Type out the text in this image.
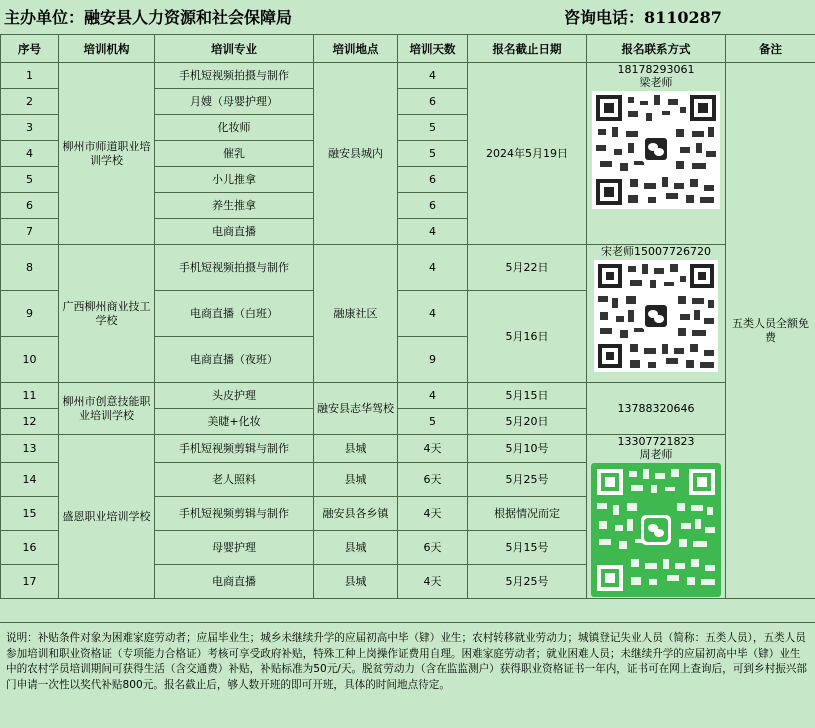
主办单位：融安县人力资源和社会保障局	咨询电话：8110287
序号	培训机构	培训专业	培训地点	培训天数	报名截止日期	报名联系方式	备注
1	柳州市师道职业培训学校	手机短视频拍摄与制作	融安县城内	4	2024年5月19日	18178293061
梁老师	五类人员全额免费
2		月嫂（母婴护理）		6			
3		化妆师		5			
4		催乳		5			
5		小儿推拿		6			
6		养生推拿		6			
7		电商直播		4			
8	广西柳州商业技工学校	手机短视频拍摄与制作	融康社区	4	5月22日	宋老师15007726720	

9		电商直播（白班）		4	5月16日		
10		电商直播（夜班）		9			
11	柳州市创意技能职业培训学校	头皮护理	融安县志华驾校	4	5月15日	13788320646	
12		美睫+化妆		5	5月20日		
13	盛恩职业培训学校	手机短视频剪辑与制作	县城	4天	5月10号	13307721823
周老师	

14		老人照料	县城	6天	5月25号		
15		手机短视频剪辑与制作	融安县各乡镇	4天	根据情况而定		
16		母婴护理	县城	6天	5月15号		
17		电商直播	县城	4天	5月25号		
说明：补贴条件对象为困难家庭劳动者；应届毕业生；城乡未继续升学的应届初高中毕（肄）业生；农村转移就业劳动力；城镇登记失业人员（简称：五类人员），五类人员参加培训和职业资格证（专项能力合格证）考核可享受政府补贴，特殊工种上岗操作证费用自理。困难家庭劳动者；就业困难人员；未继续升学的应届初高中毕（肄）业生中的农村学员培训期间可获得生活（含交通费）补贴，补贴标准为50元/天。脱贫劳动力（含在监监测户）获得职业资格证书一年内，证书可在网上查询后，可到乡村振兴部门申请一次性以奖代补贴800元。报名截止后，够人数开班的即可开班，具体的时间地点待定。
